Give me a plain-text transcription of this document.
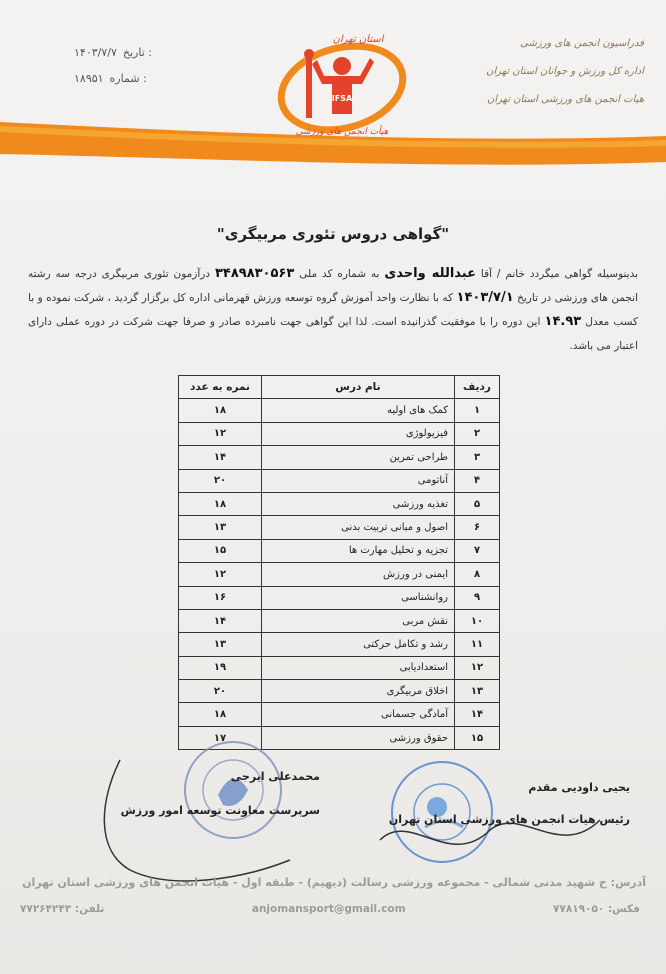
۱۴۰۳/۷/۷ تاریخ :
۱۸۹۵۱ شماره :
فدراسیون انجمن های ورزشی
اداره کل ورزش و جوانان استان تهران
هیات انجمن های ورزشی استان تهران
IFSA
استان تهران
هیأت انجمن های ورزشی
"گواهی دروس تئوری مربیگری"
بدینوسیله گواهی میگردد خانم / آقا عبدالله واحدی به شماره کد ملی ۳۴۸۹۸۳۰۵۶۳ درآزمون تئوری مربیگری درجه سه رشته انجمن های ورزشی در تاریخ ۱۴۰۳/۷/۱ که با نظارت واحد آموزش گروه توسعه ورزش قهرمانی اداره کل برگزار گردید ، شرکت نموده و با کسب معدل ۱۴.۹۳ این دوره را با موفقیت گذرانیده است. لذا این گواهی جهت نامبرده صادر و صرفا جهت شرکت در دوره عملی دارای اعتبار می باشد.
ردیف	نام درس	نمره به عدد
۱	کمک های اولیه	۱۸
۲	فیزیولوژی	۱۲
۳	طراحی تمرین	۱۴
۴	آناتومی	۲۰
۵	تغذیه ورزشی	۱۸
۶	اصول و مبانی تربیت بدنی	۱۳
۷	تجزیه و تحلیل مهارت ها	۱۵
۸	ایمنی در ورزش	۱۲
۹	روانشناسی	۱۶
۱۰	نقش مربی	۱۴
۱۱	رشد و تکامل حرکتی	۱۳
۱۲	استعدادیابی	۱۹
۱۳	اخلاق مربیگری	۲۰
۱۴	آمادگی جسمانی	۱۸
۱۵	حقوق ورزشی	۱۷
محمدعلی ایرجی
سرپرست معاونت توسعه امور ورزش
یحیی داودیی مقدم
رئیس هیات انجمن های ورزشی استان تهران
آدرس: خ شهید مدنی شمالی - مجموعه ورزشی رسالت (دیهیم) - طبقه اول - هیات انجمن های ورزشی استان تهران
تلفن: ۷۷۲۶۴۲۴۳	anjomansport@gmail.com	فکس: ۷۷۸۱۹۰۵۰
